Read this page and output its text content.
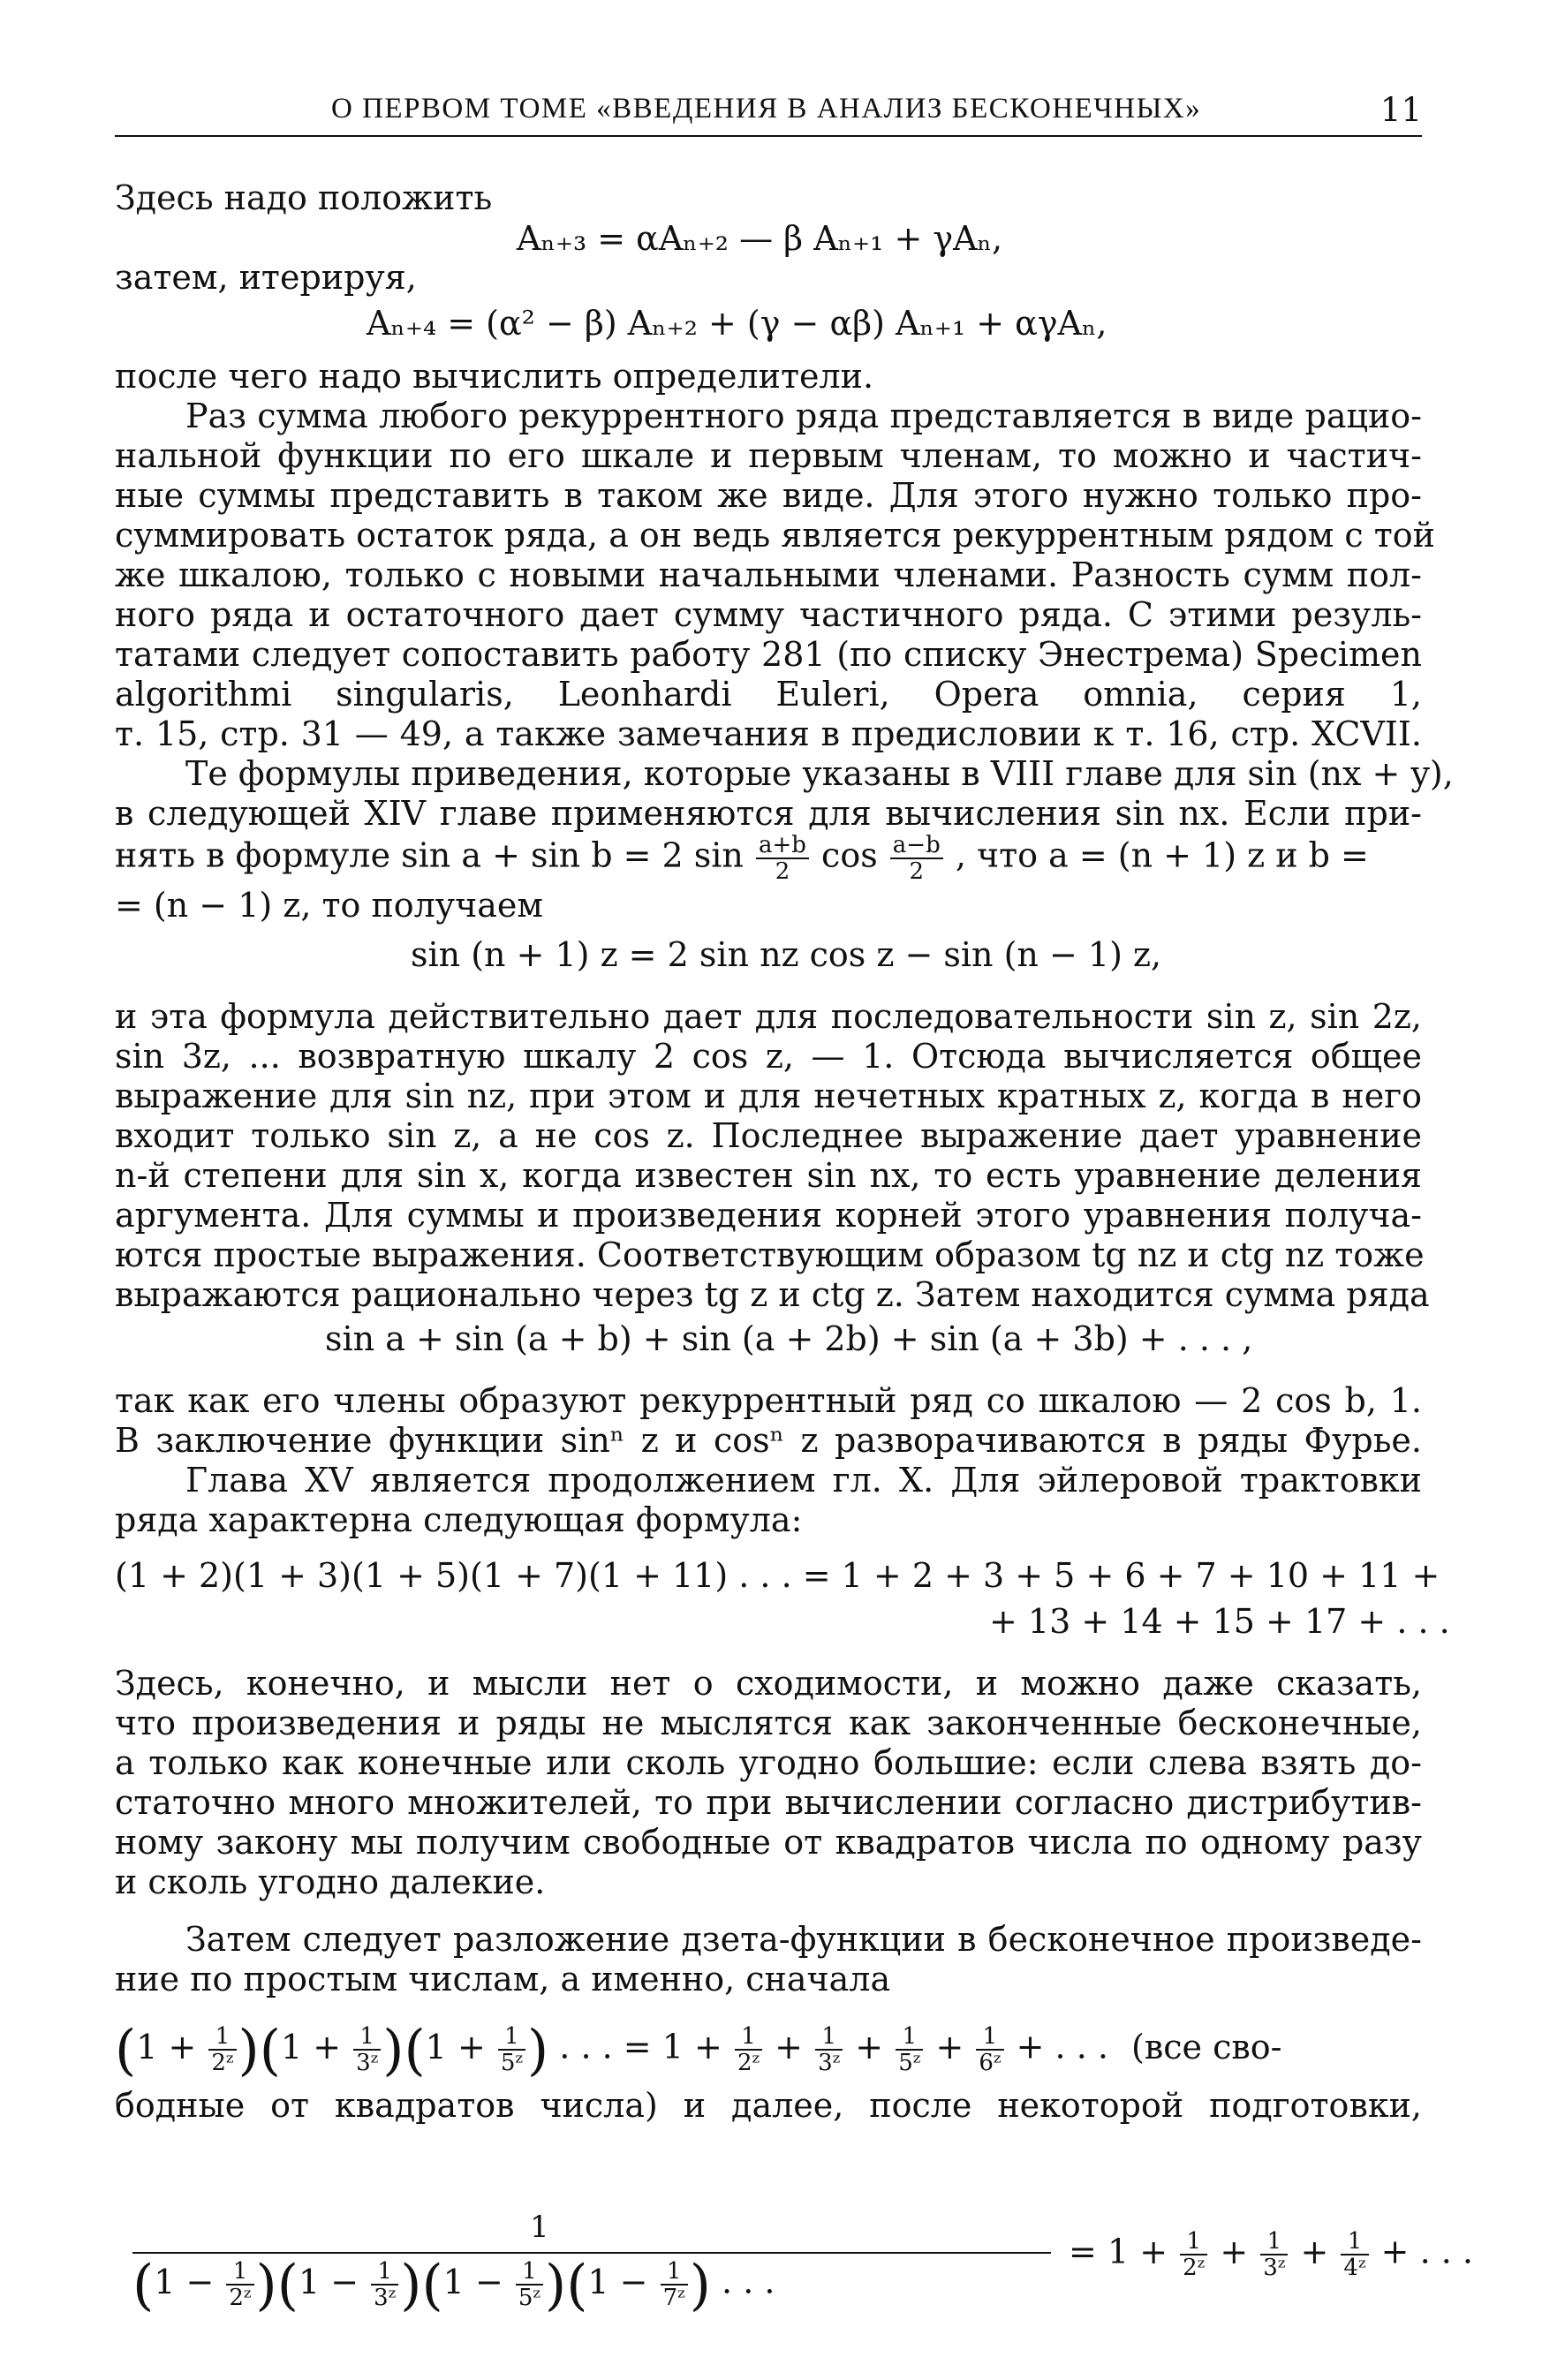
О ПЕРВОМ ТОМЕ «ВВЕДЕНИЯ В АНАЛИЗ БЕСКОНЕЧНЫХ»	11
Здесь надо положить
Aₙ₊₃ = αAₙ₊₂ — β Aₙ₊₁ + γAₙ,
затем, итерируя,
Aₙ₊₄ = (α² − β) Aₙ₊₂ + (γ − αβ) Aₙ₊₁ + αγAₙ,
после чего надо вычислить определители.
Раз сумма любого рекуррентного ряда представляется в виде рацио-
нальной функции по его шкале и первым членам, то можно и частич-
ные суммы представить в таком же виде. Для этого нужно только про-
суммировать остаток ряда, а он ведь является рекуррентным рядом с той
же шкалою, только с новыми начальными членами. Разность сумм пол-
ного ряда и остаточного дает сумму частичного ряда. С этими резуль-
татами следует сопоставить работу 281 (по списку Энестрема) Specimen
algorithmi singularis, Leonhardi Euleri, Opera omnia, серия 1,
т. 15, стр. 31 — 49, а также замечания в предисловии к т. 16, стр. XCVII.
Те формулы приведения, которые указаны в VIII главе для sin (nx + y),
в следующей XIV главе применяются для вычисления sin nx. Если при-
нять в формуле sin a + sin b = 2 $\sin \frac{a+b}{2}$ $\cos \frac{a-b}{2}$ , что a = (n + 1) z и b =
= (n − 1) z, то получаем
sin (n + 1) z = 2 sin nz cos z − sin (n − 1) z,
и эта формула действительно дает для последовательности sin z, sin 2z,
sin 3z, ... возвратную шкалу 2 cos z, — 1. Отсюда вычисляется общее
выражение для sin nz, при этом и для нечетных кратных z, когда в него
входит только sin z, а не cos z. Последнее выражение дает уравнение
n-й степени для sin x, когда известен sin nx, то есть уравнение деления
аргумента. Для суммы и произведения корней этого уравнения получа-
ются простые выражения. Соответствующим образом tg nz и ctg nz тоже
выражаются рационально через tg z и ctg z. Затем находится сумма ряда
sin a + sin (a + b) + sin (a + 2b) + sin (a + 3b) + . . . ,
так как его члены образуют рекуррентный ряд со шкалою — 2 cos b, 1.
В заключение функции sinⁿ z и cosⁿ z разворачиваются в ряды Фурье.
Глава XV является продолжением гл. X. Для эйлеровой трактовки
ряда характерна следующая формула:
(1 + 2)(1 + 3)(1 + 5)(1 + 7)(1 + 11) . . . = 1 + 2 + 3 + 5 + 6 + 7 + 10 + 11 +
+ 13 + 14 + 15 + 17 + . . .
Здесь, конечно, и мысли нет о сходимости, и можно даже сказать,
что произведения и ряды не мыслятся как законченные бесконечные,
а только как конечные или сколь угодно большие: если слева взять до-
статочно много множителей, то при вычислении согласно дистрибутив-
ному закону мы получим свободные от квадратов числа по одному разу
и сколь угодно далекие.
Затем следует разложение дзета-функции в бесконечное произведе-
ние по простым числам, а именно, сначала
$(1 + \frac{1}{\text{2ᶻ}} )(1 + \frac{1}{\text{3ᶻ}} )(1 + \frac{1}{\text{5ᶻ}}$ ) . . . = $1 + \frac{1}{\text{2ᶻ}} + \frac{1}{\text{3ᶻ}} + \frac{1}{\text{5ᶻ}} + \frac{1}{\text{6ᶻ}}$ + . . . (все сво-
бодные от квадратов числа) и далее, после некоторой подготовки,
1
$(1 - \frac{1}{\text{2ᶻ}} )(1 - \frac{1}{\text{3ᶻ}} )(1 - \frac{1}{\text{5ᶻ}} )(1 - \frac{1}{\text{7ᶻ}}$ ) . . .
= $1 + \frac{1}{\text{2ᶻ}} + \frac{1}{\text{3ᶻ}} + \frac{1}{\text{4ᶻ}}$ + . . .
